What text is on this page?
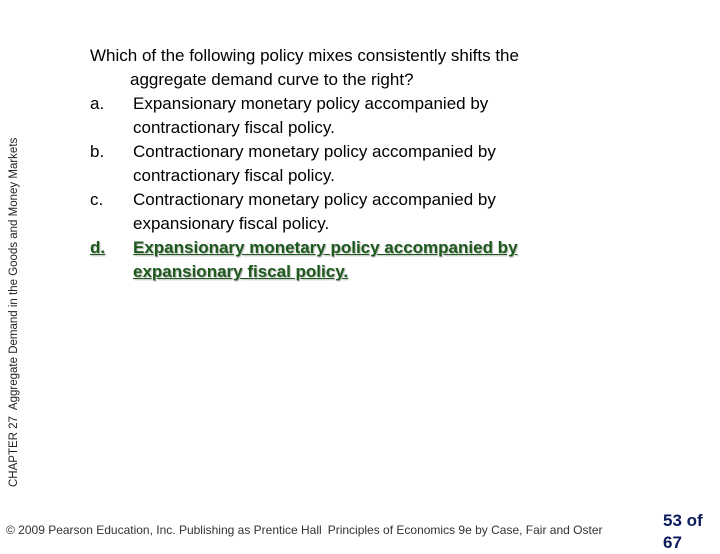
CHAPTER 27Aggregate Demand in the Goods and Money Markets
Which of the following policy mixes consistently shifts the
aggregate demand curve to the right?
a.	Expansionary monetary policy accompanied by
contractionary fiscal policy.
b.	Contractionary monetary policy accompanied by
contractionary fiscal policy.
c.	Contractionary monetary policy accompanied by
expansionary fiscal policy.
d.	Expansionary monetary policy accompanied by
expansionary fiscal policy.
© 2009 Pearson Education, Inc. Publishing as Prentice Hall Principles of Economics 9e by Case, Fair and Oster	53 of
67
